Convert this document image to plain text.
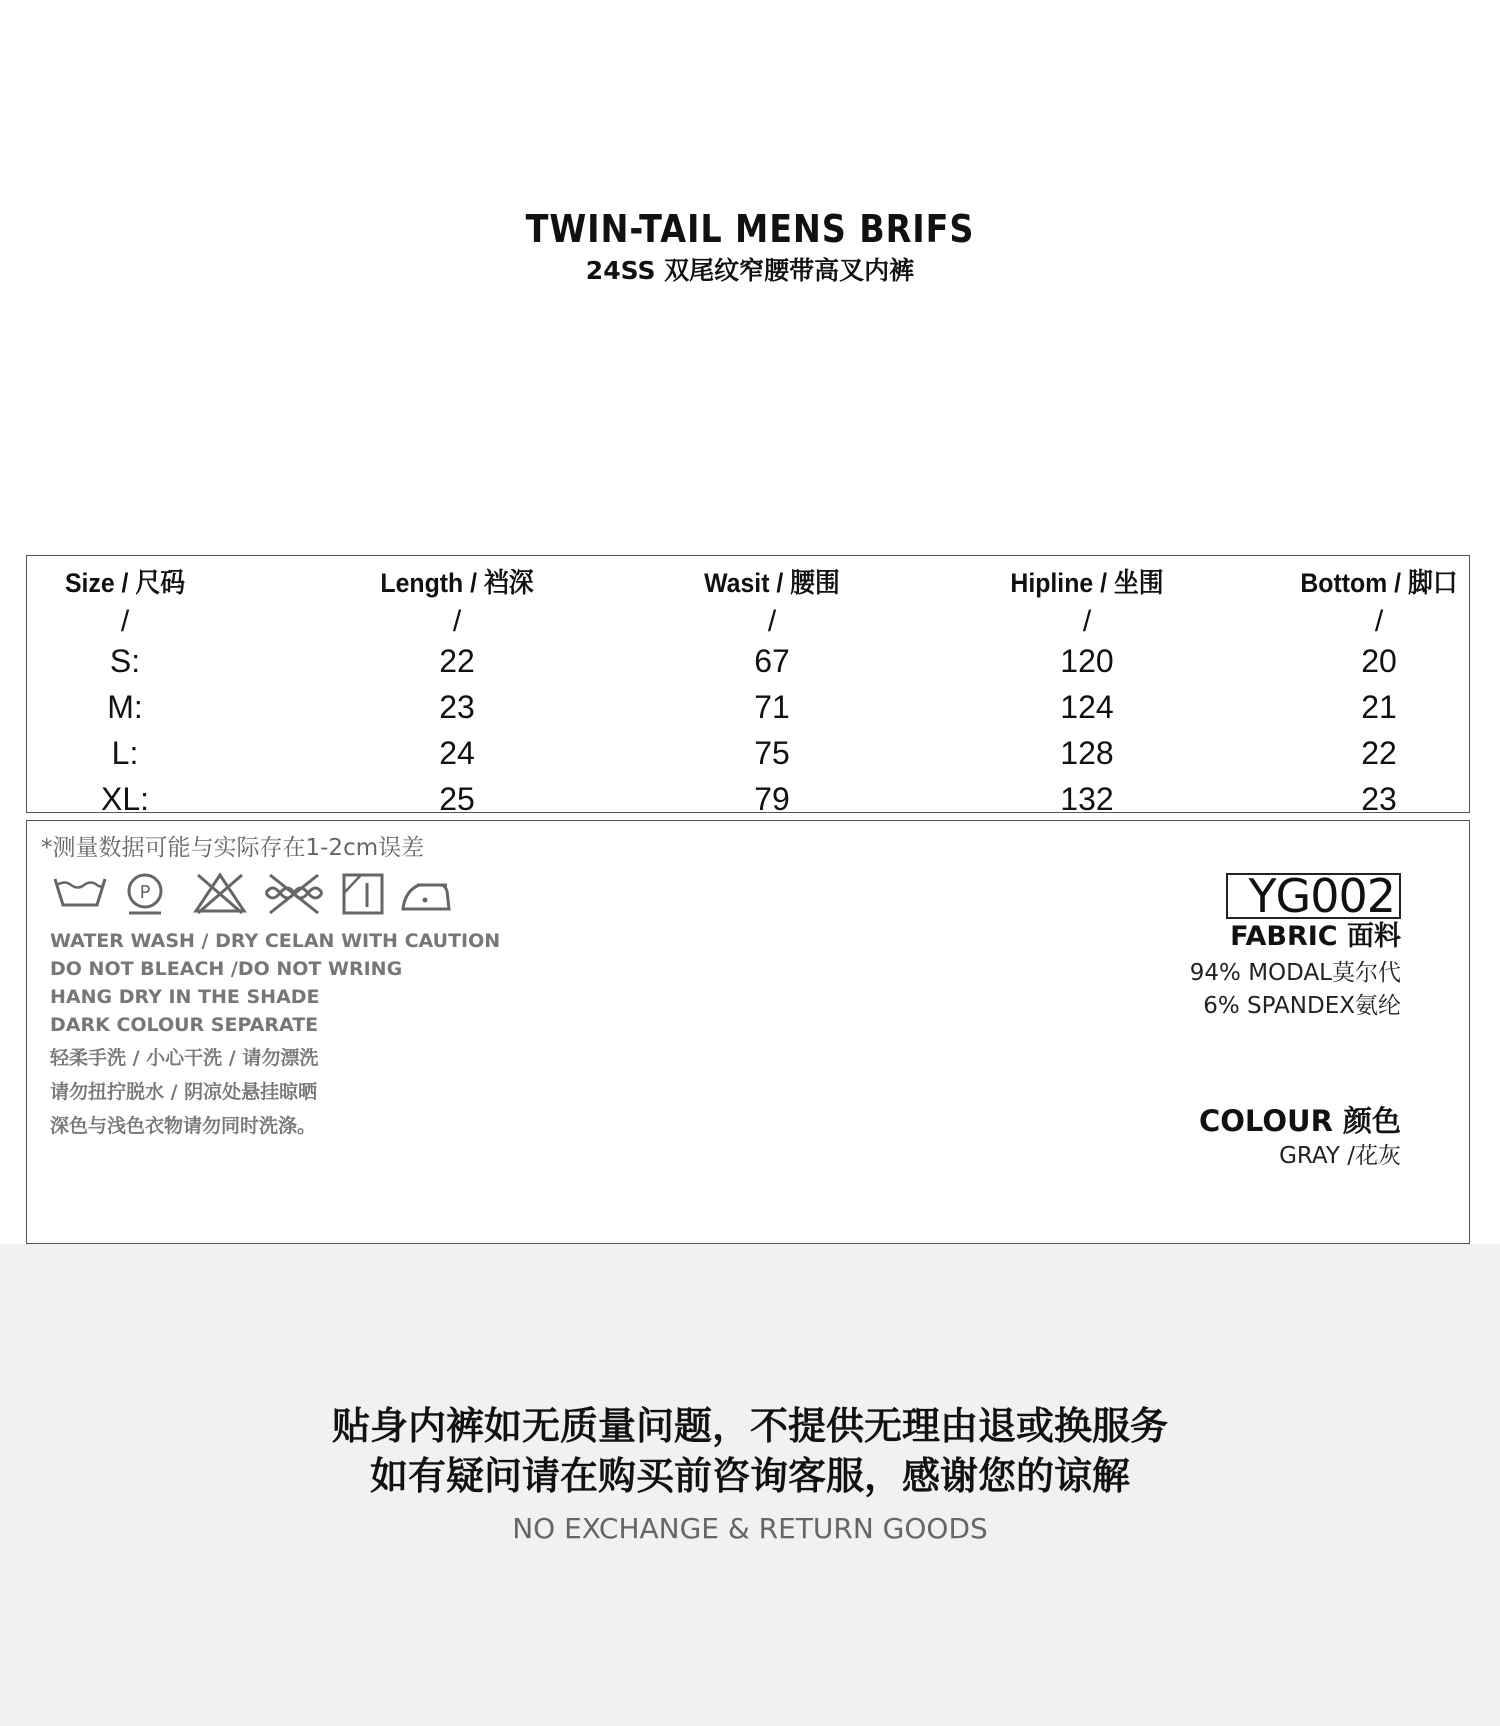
TWIN-TAIL MENS BRIFS
24SS 双尾纹窄腰带高叉内裤
Size / 尺码
/
S:
M:
L:
XL:
Length / 裆深
/
22
23
24
25
Wasit / 腰围
/
67
71
75
79
Hipline / 坐围
/
120
124
128
132
Bottom / 脚口
/
20
21
22
23
*测量数据可能与实际存在1-2cm误差
P
WATER WASH / DRY CELAN WITH CAUTION
DO NOT BLEACH /DO NOT WRING
HANG DRY IN THE SHADE
DARK COLOUR SEPARATE
轻柔手洗 / 小心干洗 / 请勿漂洗
请勿扭拧脱水 / 阴凉处悬挂晾晒
深色与浅色衣物请勿同时洗涤。
YG002
FABRIC 面料
94% MODAL莫尔代
6% SPANDEX氨纶
COLOUR 颜色
GRAY /花灰
贴身内裤如无质量问题，不提供无理由退或换服务
如有疑问请在购买前咨询客服，感谢您的谅解
NO EXCHANGE & RETURN GOODS
